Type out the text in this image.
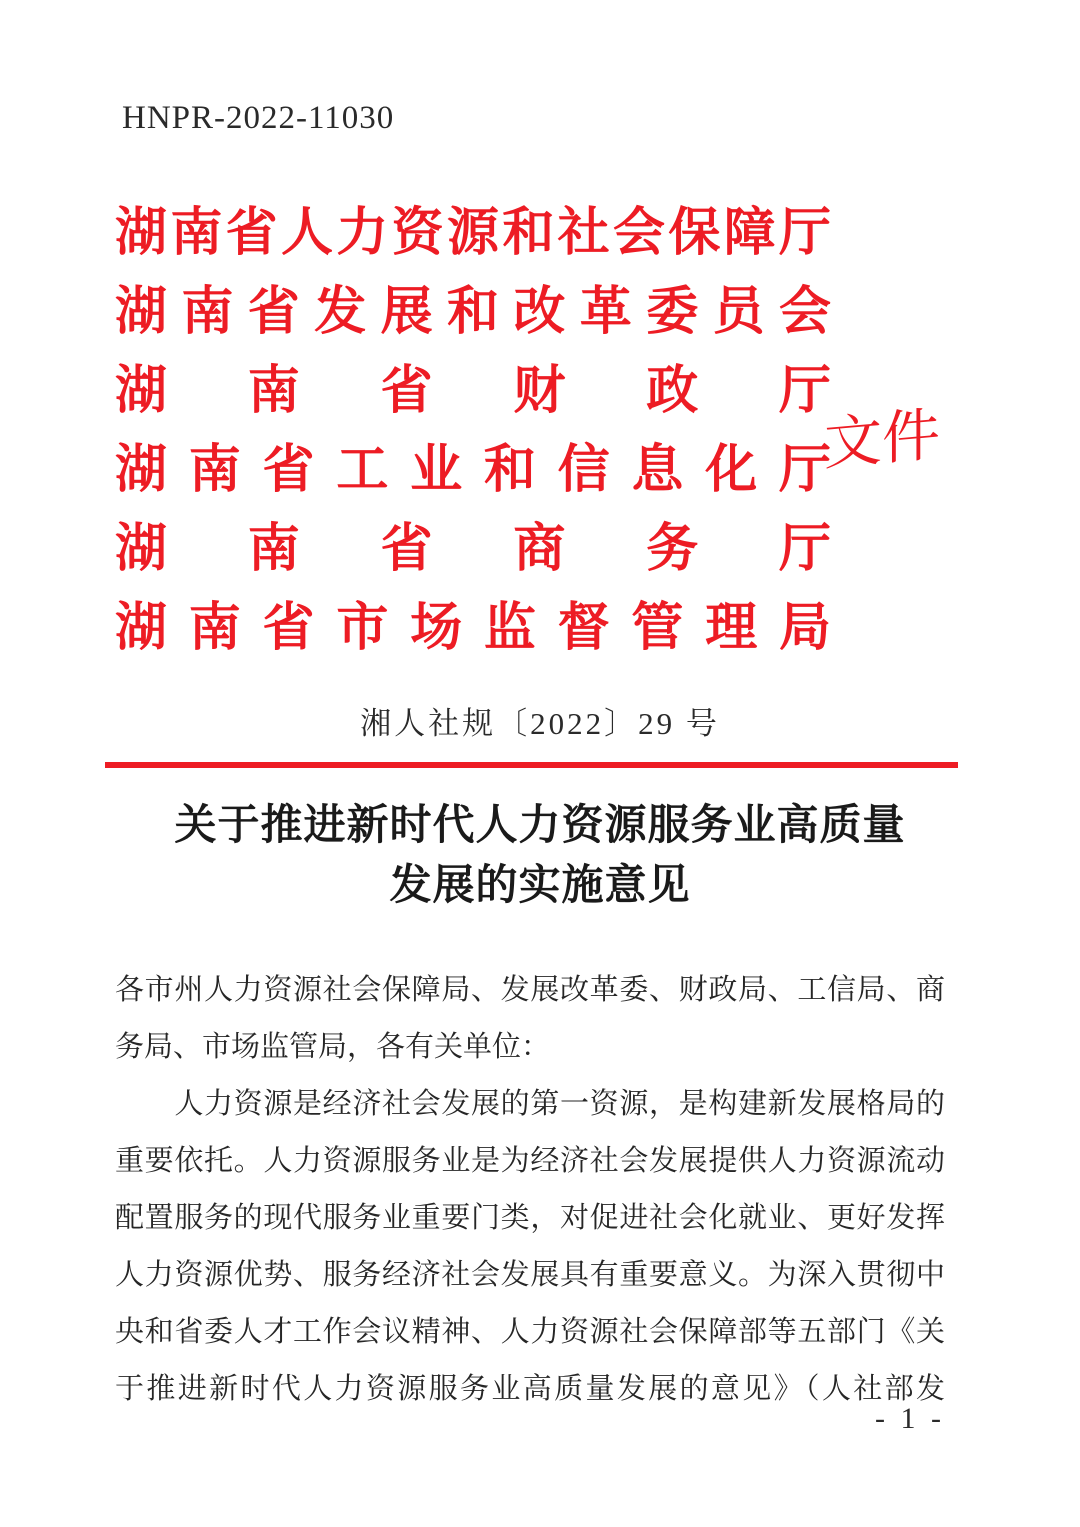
HNPR-2022-11030
湖南省人力资源和社会保障厅
湖南省发展和改革委员会
湖南省财政厅
湖南省工业和信息化厅
湖南省商务厅
湖南省市场监督管理局
文件
湘人社规〔2022〕29 号
关于推进新时代人力资源服务业高质量
发展的实施意见
各市州人力资源社会保障局、发展改革委、财政局、工信局、商
务局、市场监管局，各有关单位：
　　人力资源是经济社会发展的第一资源，是构建新发展格局的
重要依托。人力资源服务业是为经济社会发展提供人力资源流动
配置服务的现代服务业重要门类，对促进社会化就业、更好发挥
人力资源优势、服务经济社会发展具有重要意义。为深入贯彻中
央和省委人才工作会议精神、人力资源社会保障部等五部门《关
于推进新时代人力资源服务业高质量发展的意见》（人社部发
- 1 -
